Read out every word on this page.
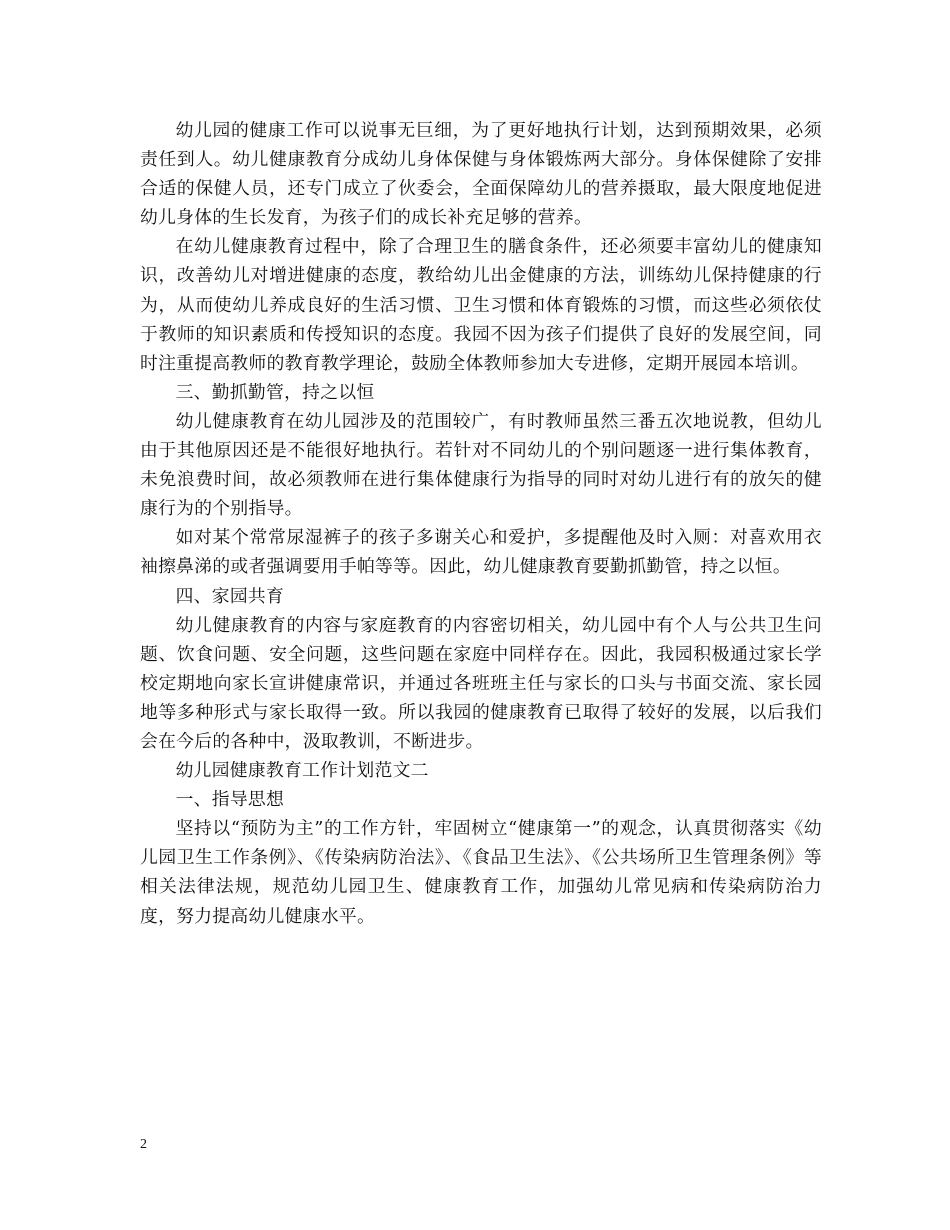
幼儿园的健康工作可以说事无巨细，为了更好地执行计划，达到预期效果，必须责任到人。幼儿健康教育分成幼儿身体保健与身体锻炼两大部分。身体保健除了安排合适的保健人员，还专门成立了伙委会，全面保障幼儿的营养摄取，最大限度地促进幼儿身体的生长发育，为孩子们的成长补充足够的营养。

在幼儿健康教育过程中，除了合理卫生的膳食条件，还必须要丰富幼儿的健康知识，改善幼儿对增进健康的态度，教给幼儿出金健康的方法，训练幼儿保持健康的行为，从而使幼儿养成良好的生活习惯、卫生习惯和体育锻炼的习惯，而这些必须依仗于教师的知识素质和传授知识的态度。我园不因为孩子们提供了良好的发展空间，同时注重提高教师的教育教学理论，鼓励全体教师参加大专进修，定期开展园本培训。

三、勤抓勤管，持之以恒

幼儿健康教育在幼儿园涉及的范围较广，有时教师虽然三番五次地说教，但幼儿由于其他原因还是不能很好地执行。若针对不同幼儿的个别问题逐一进行集体教育，未免浪费时间，故必须教师在进行集体健康行为指导的同时对幼儿进行有的放矢的健康行为的个别指导。

如对某个常常尿湿裤子的孩子多谢关心和爱护，多提醒他及时入厕：对喜欢用衣袖擦鼻涕的或者强调要用手帕等等。因此，幼儿健康教育要勤抓勤管，持之以恒。

四、家园共育

幼儿健康教育的内容与家庭教育的内容密切相关，幼儿园中有个人与公共卫生问题、饮食问题、安全问题，这些问题在家庭中同样存在。因此，我园积极通过家长学校定期地向家长宣讲健康常识，并通过各班班主任与家长的口头与书面交流、家长园地等多种形式与家长取得一致。所以我园的健康教育已取得了较好的发展，以后我们会在今后的各种中，汲取教训，不断进步。

幼儿园健康教育工作计划范文二

一、指导思想

坚持以“预防为主”的工作方针，牢固树立“健康第一”的观念，认真贯彻落实《幼儿园卫生工作条例》、《传染病防治法》、《食品卫生法》、《公共场所卫生管理条例》等相关法律法规，规范幼儿园卫生、健康教育工作，加强幼儿常见病和传染病防治力度，努力提高幼儿健康水平。

2
